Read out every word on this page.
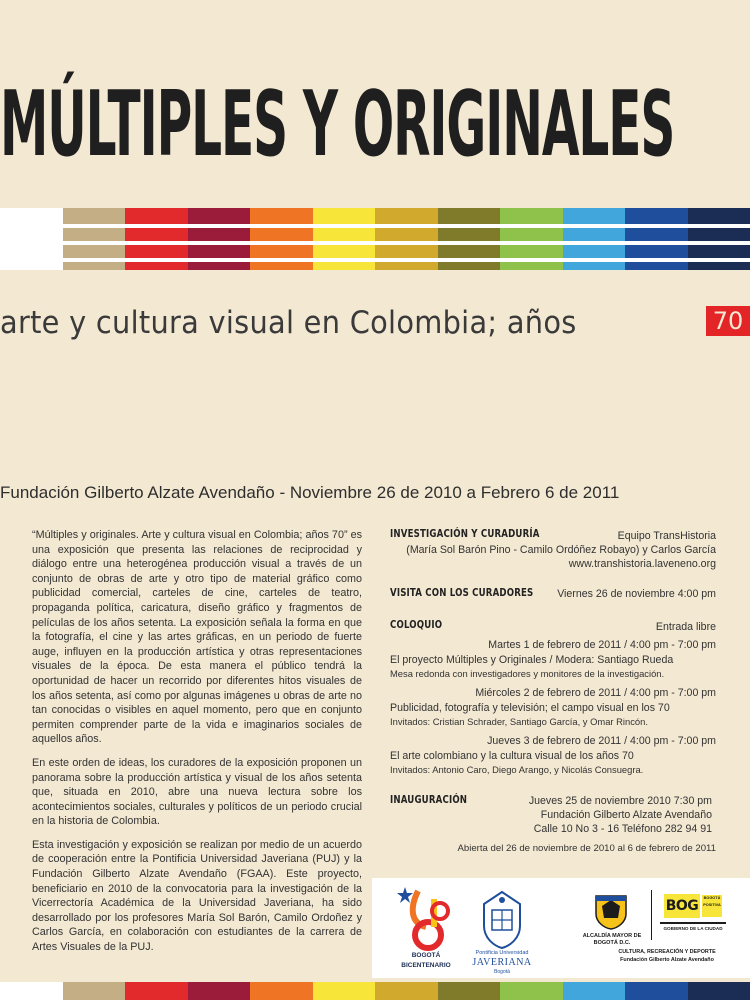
MÚLTIPLES Y ORIGINALES
arte y cultura visual en Colombia; años	70
Fundación Gilberto Alzate Avendaño - Noviembre 26 de 2010 a Febrero 6 de 2011

“Múltiples y originales. Arte y cultura visual en Colombia; años 70” es una exposición que presenta las relaciones de reciprocidad y diálogo entre una heterogénea producción visual a través de un conjunto de obras de arte y otro tipo de material gráfico como publicidad comercial, carteles de cine, carteles de teatro, propaganda política, caricatura, diseño gráfico y fragmentos de películas de los años setenta. La exposición señala la forma en que la fotografía, el cine y las artes gráficas, en un periodo de fuerte auge, influyen en la producción artística y otras representaciones visuales de la época. De esta manera el público tendrá la oportunidad de hacer un recorrido por diferentes hitos visuales de los años setenta, así como por algunas imágenes u obras de arte no tan conocidas o visibles en aquel momento, pero que en conjunto permiten comprender parte de la vida e imaginarios sociales de aquellos años.

En este orden de ideas, los curadores de la exposición proponen un panorama sobre la producción artística y visual de los años setenta que, situada en 2010, abre una nueva lectura sobre los acontecimientos sociales, culturales y políticos de un periodo crucial en la historia de Colombia.

Esta investigación y exposición se realizan por medio de un acuerdo de cooperación entre la Pontificia Universidad Javeriana (PUJ) y la Fundación Gilberto Alzate Avendaño (FGAA). Este proyecto, beneficiario en 2010 de la convocatoria para la investigación de la Vicerrectoría Académica de la Universidad Javeriana, ha sido desarrollado por los profesores María Sol Barón, Camilo Ordoñez y Carlos García, en colaboración con estudiantes de la carrera de Artes Visuales de la PUJ.

INVESTIGACIÓN Y CURADURÍA	Equipo TransHistoria
(María Sol Barón Pino - Camilo Ordóñez Robayo) y Carlos García
www.transhistoria.laveneno.org
VISITA CON LOS CURADORES Viernes 26 de noviembre 4:00 pm
COLOQUIO	Entrada libre
Martes 1 de febrero de 2011 / 4:00 pm - 7:00 pm
El proyecto Múltiples y Originales / Modera: Santiago Rueda
Mesa redonda con investigadores y monitores de la investigación.
Miércoles 2 de febrero de 2011 / 4:00 pm - 7:00 pm
Publicidad, fotografía y televisión; el campo visual en los 70
Invitados: Cristian Schrader, Santiago García, y Omar Rincón.
Jueves 3 de febrero de 2011 / 4:00 pm - 7:00 pm
El arte colombiano y la cultura visual de los años 70
Invitados: Antonio Caro, Diego Arango, y Nicolás Consuegra.
INAUGURACIÓN	Jueves 25 de noviembre 2010 7:30 pm
Fundación Gilberto Alzate Avendaño
Calle 10 No 3 - 16 Teléfono 282 94 91
Abierta del 26 de noviembre de 2010 al 6 de febrero de 2011
BOGOTÁ
BICENTENARIO
Pontificia Universidad
JAVERIANA
Bogotá
ALCALDÍA MAYOR DE BOGOTÁ D.C.
BOG	BOGOTÁ POSITIVA
GOBIERNO DE LA CIUDAD
CULTURA, RECREACIÓN Y DEPORTE
Fundación Gilberto Alzate Avendaño
